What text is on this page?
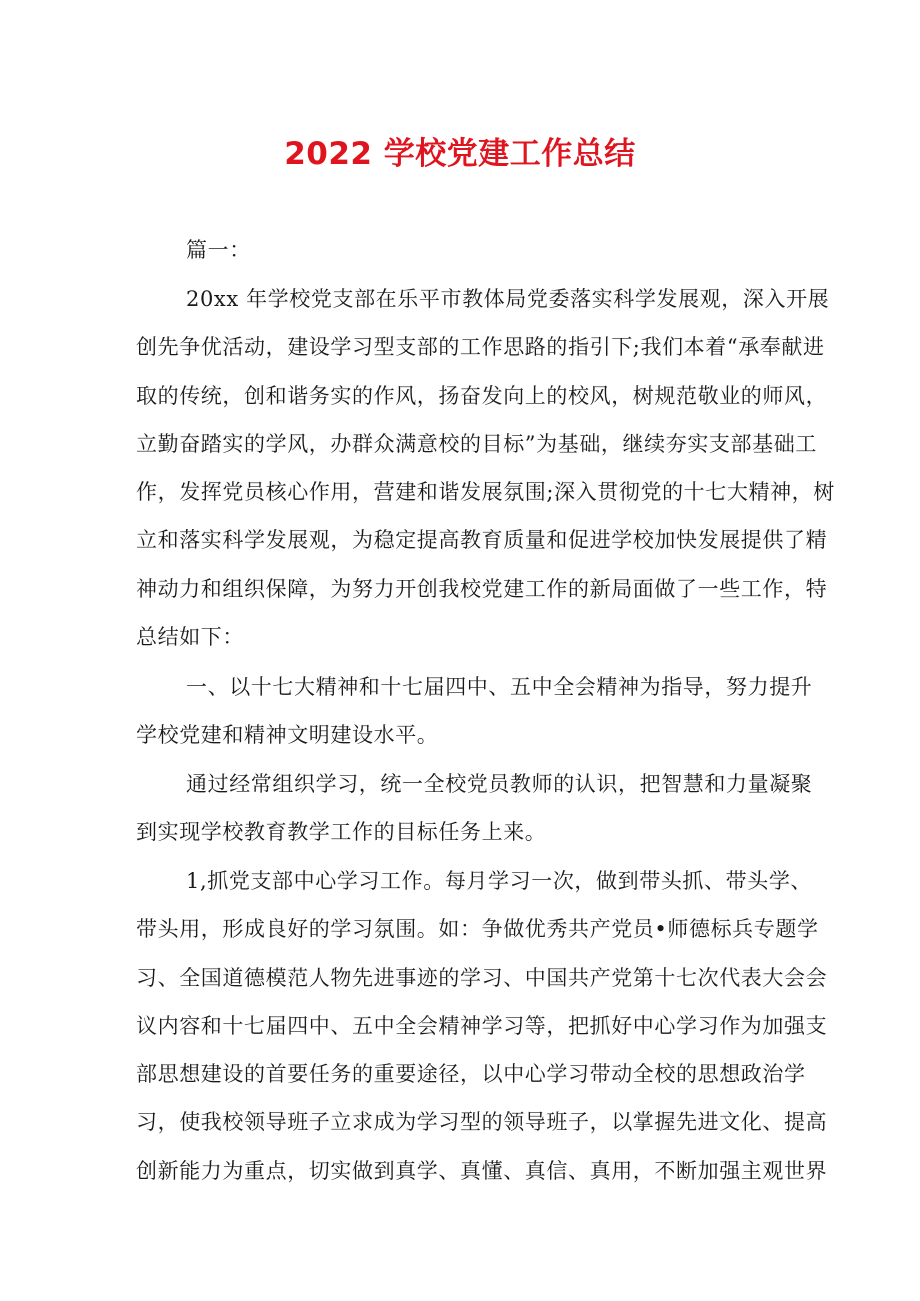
2022 学校党建工作总结
篇一：
20xx 年学校党支部在乐平市教体局党委落实科学发展观，深入开展
创先争优活动，建设学习型支部的工作思路的指引下;我们本着“承奉献进
取的传统，创和谐务实的作风，扬奋发向上的校风，树规范敬业的师风，
立勤奋踏实的学风，办群众满意校的目标”为基础，继续夯实支部基础工
作，发挥党员核心作用，营建和谐发展氛围;深入贯彻党的十七大精神，树
立和落实科学发展观，为稳定提高教育质量和促进学校加快发展提供了精
神动力和组织保障，为努力开创我校党建工作的新局面做了一些工作，特
总结如下：
一、以十七大精神和十七届四中、五中全会精神为指导，努力提升
学校党建和精神文明建设水平。
通过经常组织学习，统一全校党员教师的认识，把智慧和力量凝聚
到实现学校教育教学工作的目标任务上来。
1,抓党支部中心学习工作。每月学习一次，做到带头抓、带头学、
带头用，形成良好的学习氛围。如：争做优秀共产党员•师德标兵专题学
习、全国道德模范人物先进事迹的学习、中国共产党第十七次代表大会会
议内容和十七届四中、五中全会精神学习等，把抓好中心学习作为加强支
部思想建设的首要任务的重要途径，以中心学习带动全校的思想政治学
习，使我校领导班子立求成为学习型的领导班子，以掌握先进文化、提高
创新能力为重点，切实做到真学、真懂、真信、真用，不断加强主观世界
